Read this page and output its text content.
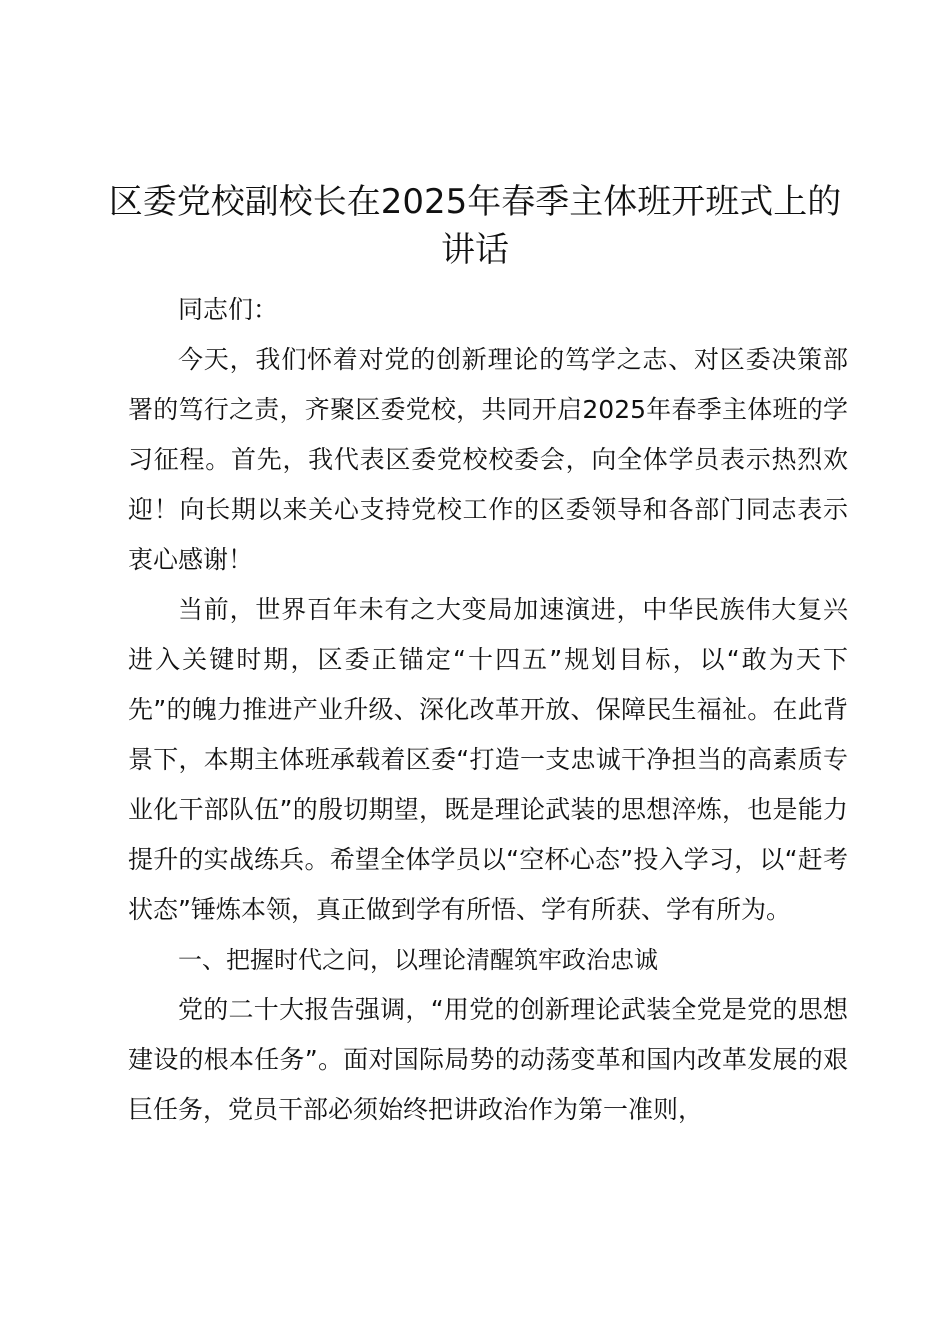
区委党校副校长在2025年春季主体班开班式上的讲话

同志们：

今天，我们怀着对党的创新理论的笃学之志、对区委决策部署的笃行之责，齐聚区委党校，共同开启2025年春季主体班的学习征程。首先，我代表区委党校校委会，向全体学员表示热烈欢迎！向长期以来关心支持党校工作的区委领导和各部门同志表示衷心感谢！

当前，世界百年未有之大变局加速演进，中华民族伟大复兴进入关键时期，区委正锚定“十四五”规划目标，以“敢为天下先”的魄力推进产业升级、深化改革开放、保障民生福祉。在此背景下，本期主体班承载着区委“打造一支忠诚干净担当的高素质专业化干部队伍”的殷切期望，既是理论武装的思想淬炼，也是能力提升的实战练兵。希望全体学员以“空杯心态”投入学习，以“赶考状态”锤炼本领，真正做到学有所悟、学有所获、学有所为。

一、把握时代之问，以理论清醒筑牢政治忠诚

党的二十大报告强调，“用党的创新理论武装全党是党的思想建设的根本任务”。面对国际局势的动荡变革和国内改革发展的艰巨任务，党员干部必须始终把讲政治作为第一准则，
